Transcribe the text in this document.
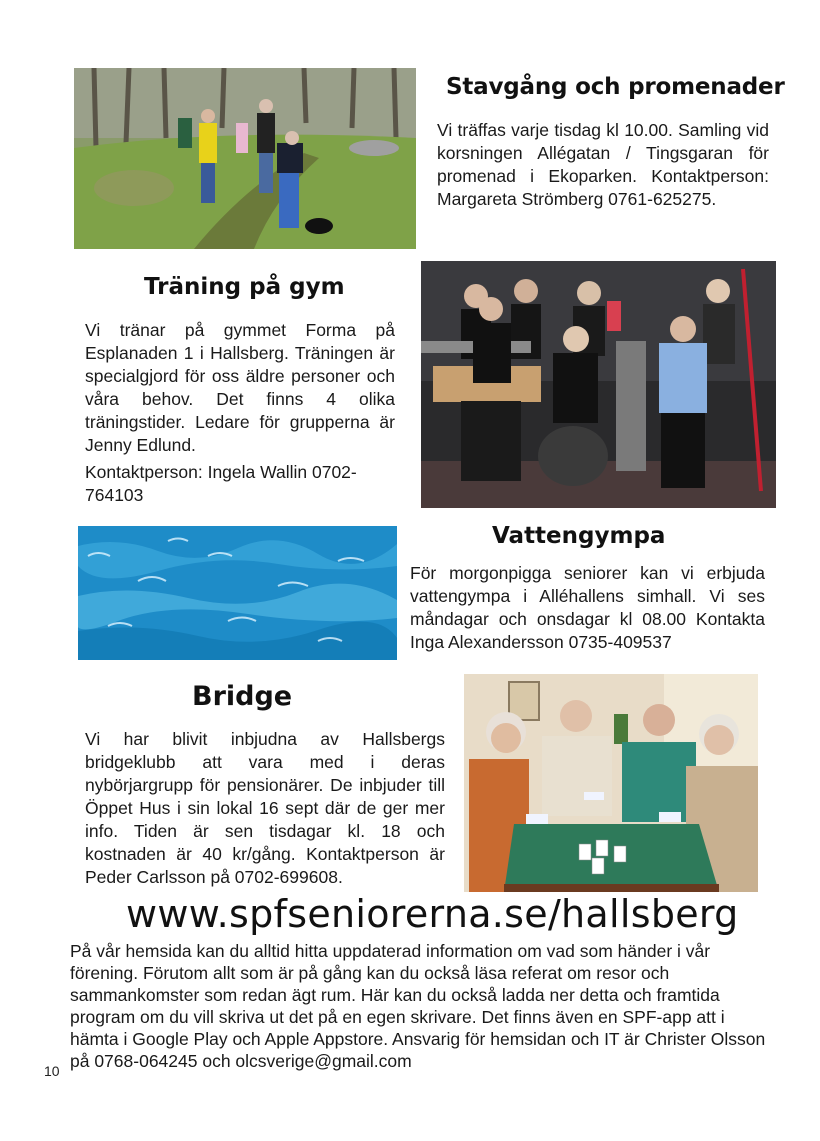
Stavgång och promenader

Vi träffas varje tisdag kl 10.00. Samling vid korsningen Allégatan / Tingsgaran för promenad i Ekoparken. Kontaktperson: Margareta Strömberg 0761-625275.

Träning på gym

Vi tränar på gymmet Forma på Esplanaden 1 i Hallsberg. Träningen är specialgjord för oss äldre personer och våra behov. Det finns 4 olika träningstider. Ledare för grupperna är Jenny Edlund.

Kontaktperson: Ingela Wallin 0702-764103

Vattengympa

För morgonpigga seniorer kan vi erbjuda vattengympa i Alléhallens simhall. Vi ses måndagar och onsdagar kl 08.00 Kontakta Inga Alexandersson 0735-409537

Bridge

Vi har blivit inbjudna av Hallsbergs bridgeklubb att vara med i deras nybörjargrupp för pensionärer. De inbjuder till Öppet Hus i sin lokal 16 sept där de ger mer info. Tiden är sen tisdagar kl. 18 och kostnaden är 40 kr/gång. Kontaktperson är Peder Carlsson på 0702-699608.

www.spfseniorerna.se/hallsberg

På vår hemsida kan du alltid hitta uppdaterad information om vad som händer i vår förening. Förutom allt som är på gång kan du också läsa referat om resor och sammankomster som redan ägt rum. Här kan du också ladda ner detta och framtida program om du vill skriva ut det på en egen skrivare. Det finns även en SPF-app att i hämta i Google Play och Apple Appstore. Ansvarig för hemsidan och IT är Christer Olsson på 0768-064245 och olcsverige@gmail.com

10
